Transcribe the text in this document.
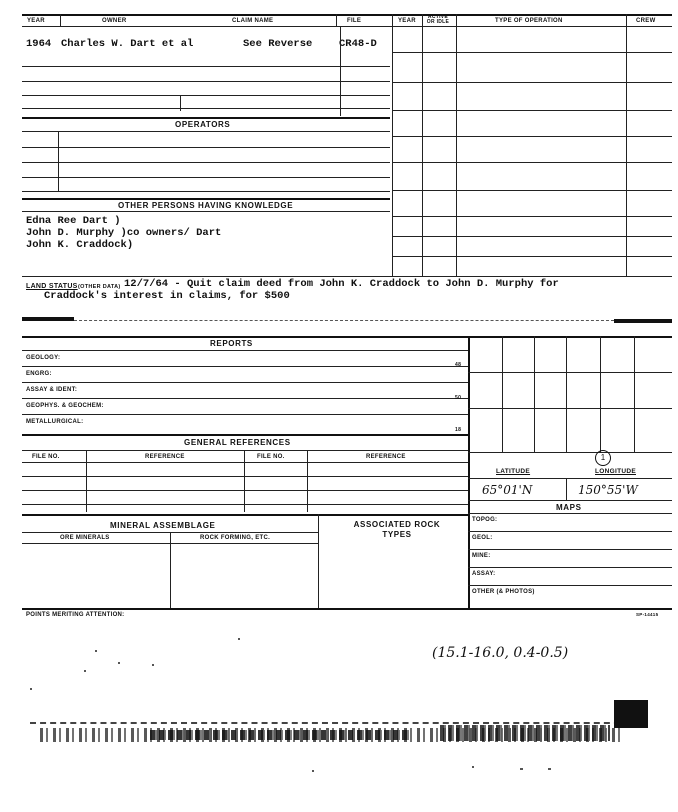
YEAR	OWNER	CLAIM NAME	FILE	YEAR
ACTIVE OR IDLE	TYPE OF OPERATION	CREW
1964 Charles W. Dart et al	See Reverse	CR48-D
OPERATORS
OTHER PERSONS HAVING KNOWLEDGE
Edna Ree Dart )
John D. Murphy )co owners/ Dart
John K. Craddock)
LAND STATUS (OTHER DATA) 12/7/64 - Quit claim deed from John K. Craddock to John D. Murphy for
Craddock's interest in claims, for $500
REPORTS
GEOLOGY:
ENGRG:
ASSAY & IDENT:
GEOPHYS. & GEOCHEM:
METALLURGICAL:
48
50
18
GENERAL REFERENCES
FILE NO.	REFERENCE	FILE NO.	REFERENCE
MINERAL ASSEMBLAGE
ORE MINERALS	ROCK FORMING, ETC.
ASSOCIATED ROCK TYPES
LATITUDE	LONGITUDE
1
65°01'N	150°55'W
MAPS
TOPOG:
GEOL:
MINE:
ASSAY:
OTHER (& PHOTOS)
POINTS MERITING ATTENTION:	SP-14415
(15.1-16.0, 0.4-0.5)
